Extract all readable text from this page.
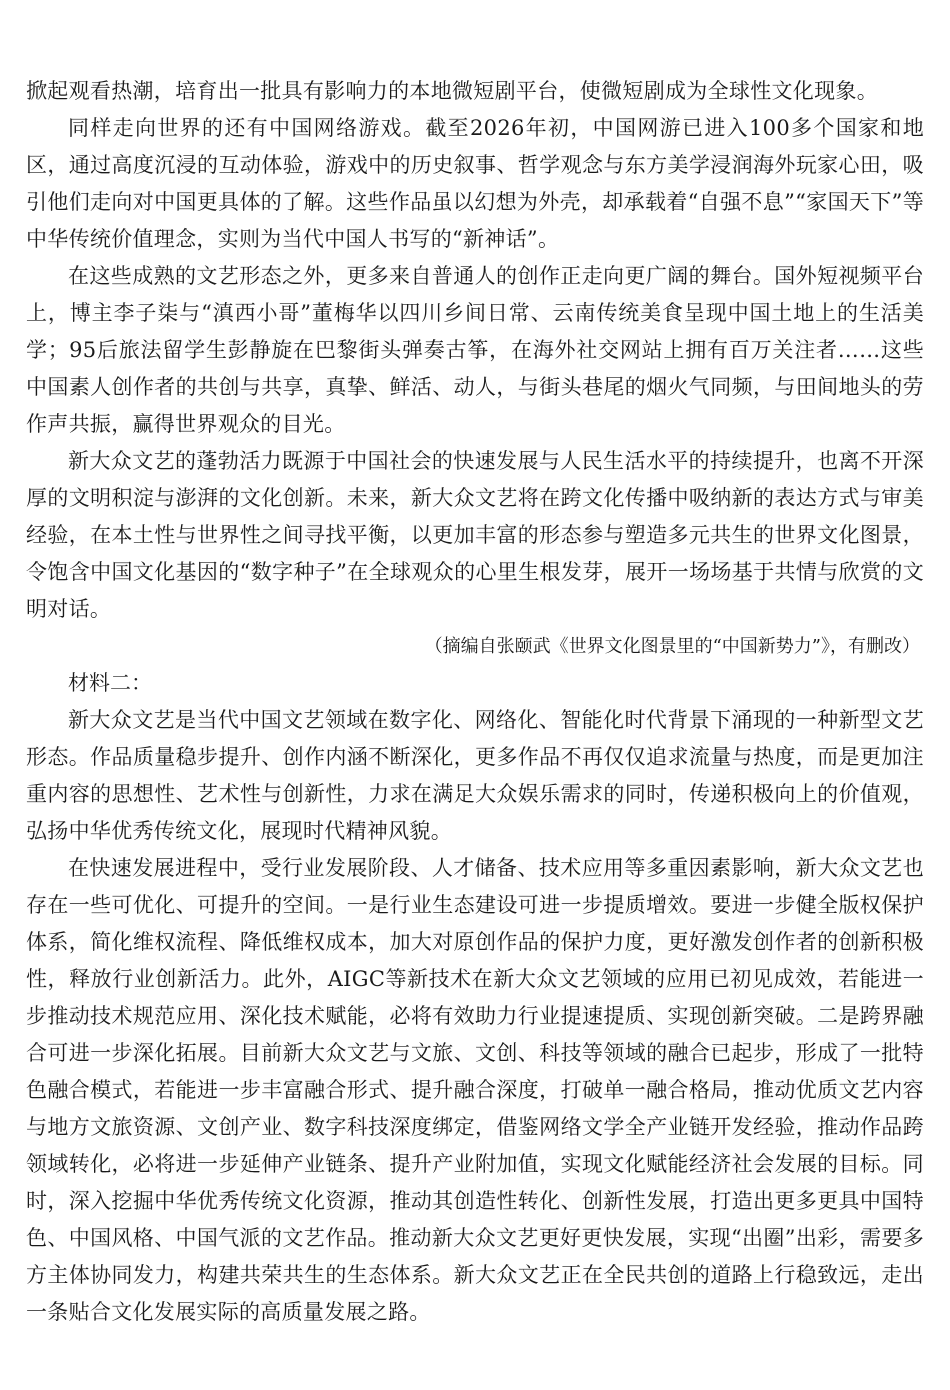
掀起观看热潮，培育出一批具有影响力的本地微短剧平台，使微短剧成为全球性文化现象。

同样走向世界的还有中国网络游戏。截至2026年初，中国网游已进入100多个国家和地区，通过高度沉浸的互动体验，游戏中的历史叙事、哲学观念与东方美学浸润海外玩家心田，吸引他们走向对中国更具体的了解。这些作品虽以幻想为外壳，却承载着“自强不息”“家国天下”等中华传统价值理念，实则为当代中国人书写的“新神话”。

在这些成熟的文艺形态之外，更多来自普通人的创作正走向更广阔的舞台。国外短视频平台上，博主李子柒与“滇西小哥”董梅华以四川乡间日常、云南传统美食呈现中国土地上的生活美学；95后旅法留学生彭静旋在巴黎街头弹奏古筝，在海外社交网站上拥有百万关注者……这些中国素人创作者的共创与共享，真挚、鲜活、动人，与街头巷尾的烟火气同频，与田间地头的劳作声共振，赢得世界观众的目光。

新大众文艺的蓬勃活力既源于中国社会的快速发展与人民生活水平的持续提升，也离不开深厚的文明积淀与澎湃的文化创新。未来，新大众文艺将在跨文化传播中吸纳新的表达方式与审美经验，在本土性与世界性之间寻找平衡，以更加丰富的形态参与塑造多元共生的世界文化图景，令饱含中国文化基因的“数字种子”在全球观众的心里生根发芽，展开一场场基于共情与欣赏的文明对话。

（摘编自张颐武《世界文化图景里的“中国新势力”》，有删改）

材料二：

新大众文艺是当代中国文艺领域在数字化、网络化、智能化时代背景下涌现的一种新型文艺形态。作品质量稳步提升、创作内涵不断深化，更多作品不再仅仅追求流量与热度，而是更加注重内容的思想性、艺术性与创新性，力求在满足大众娱乐需求的同时，传递积极向上的价值观，弘扬中华优秀传统文化，展现时代精神风貌。

在快速发展进程中，受行业发展阶段、人才储备、技术应用等多重因素影响，新大众文艺也存在一些可优化、可提升的空间。一是行业生态建设可进一步提质增效。要进一步健全版权保护体系，简化维权流程、降低维权成本，加大对原创作品的保护力度，更好激发创作者的创新积极性，释放行业创新活力。此外，AIGC等新技术在新大众文艺领域的应用已初见成效，若能进一步推动技术规范应用、深化技术赋能，必将有效助力行业提速提质、实现创新突破。二是跨界融合可进一步深化拓展。目前新大众文艺与文旅、文创、科技等领域的融合已起步，形成了一批特色融合模式，若能进一步丰富融合形式、提升融合深度，打破单一融合格局，推动优质文艺内容与地方文旅资源、文创产业、数字科技深度绑定，借鉴网络文学全产业链开发经验，推动作品跨领域转化，必将进一步延伸产业链条、提升产业附加值，实现文化赋能经济社会发展的目标。同时，深入挖掘中华优秀传统文化资源，推动其创造性转化、创新性发展，打造出更多更具中国特色、中国风格、中国气派的文艺作品。推动新大众文艺更好更快发展，实现“出圈”出彩，需要多方主体协同发力，构建共荣共生的生态体系。新大众文艺正在全民共创的道路上行稳致远，走出一条贴合文化发展实际的高质量发展之路。
